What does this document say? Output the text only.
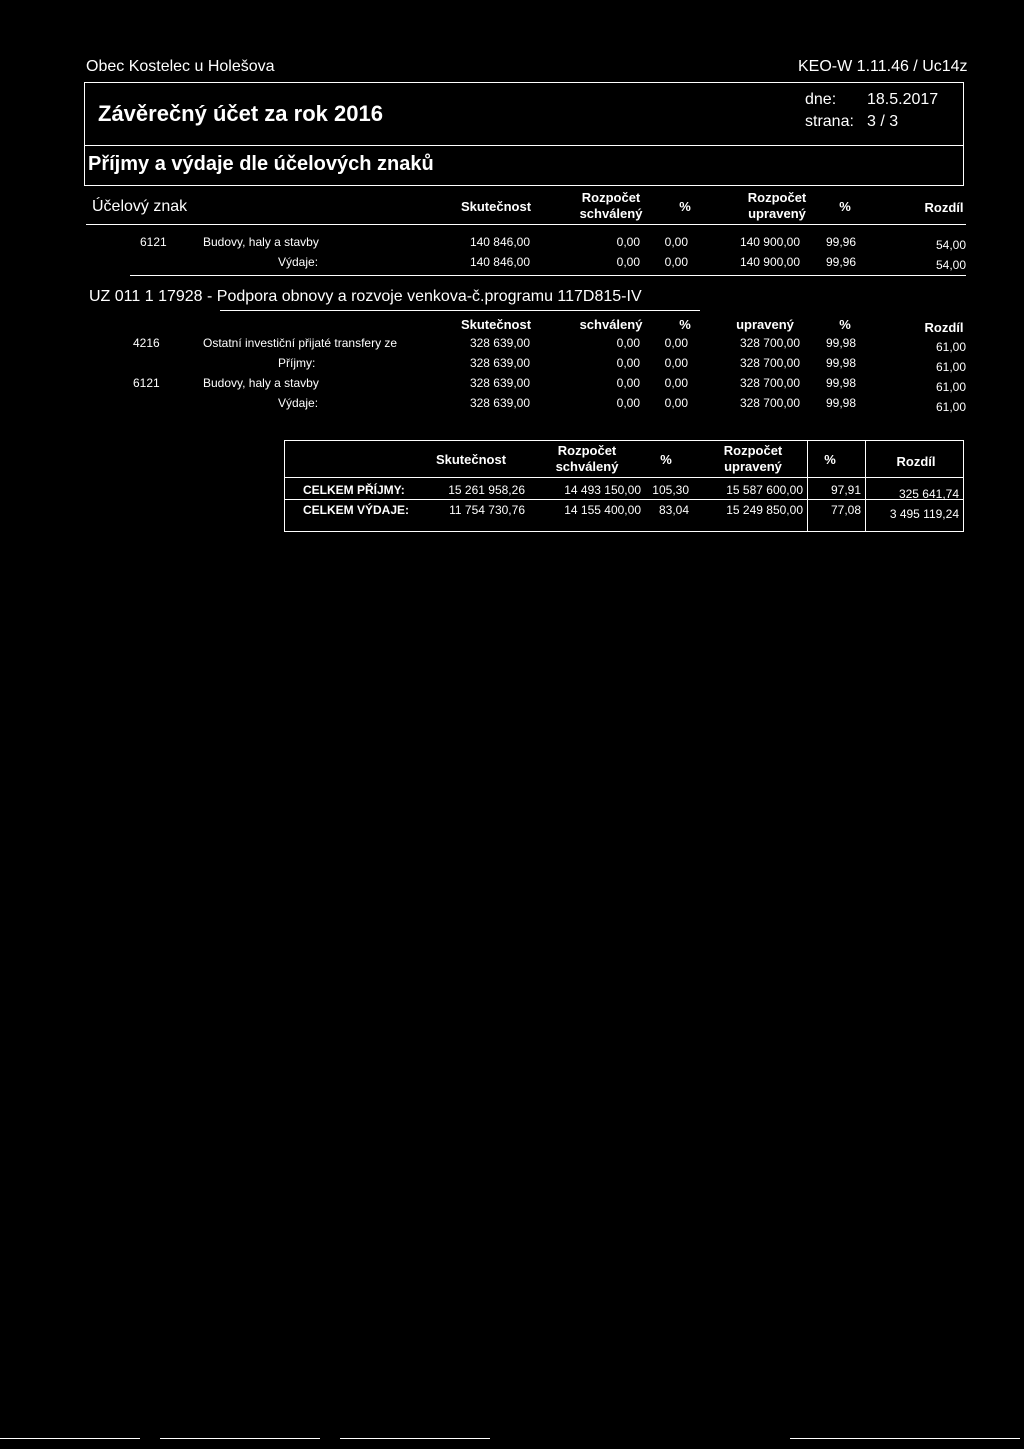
Obec Kostelec u Holešova	KEO-W 1.11.46 / Uc14z
Závěrečný účet za rok 2016
dne: 18.5.2017
strana: 3 / 3
Příjmy a výdaje dle účelových znaků
Účelový znak	Skutečnost
Rozpočet
schválený	%
Rozpočet
upravený	%	Rozdíl
6121	Budovy, haly a stavby	140 846,00	0,00	0,00	140 900,00	99,96	54,00
Výdaje:	140 846,00	0,00	0,00	140 900,00	99,96	54,00
UZ 011 1 17928 - Podpora obnovy a rozvoje venkova-č.programu 117D815-IV
Skutečnost	schválený	%	upravený	%	Rozdíl
4216	Ostatní investiční přijaté transfery ze	328 639,00	0,00	0,00	328 700,00	99,98	61,00
Příjmy:	328 639,00	0,00	0,00	328 700,00	99,98	61,00
6121	Budovy, haly a stavby	328 639,00	0,00	0,00	328 700,00	99,98	61,00
Výdaje:	328 639,00	0,00	0,00	328 700,00	99,98	61,00
Skutečnost
Rozpočet
schválený	%
Rozpočet
upravený	%	Rozdíl
CELKEM PŘÍJMY:	15 261 958,26	14 493 150,00 105,30	15 587 600,00	97,91	325 641,74
CELKEM VÝDAJE:	11 754 730,76	14 155 400,00	83,04	15 249 850,00	77,08	3 495 119,24
